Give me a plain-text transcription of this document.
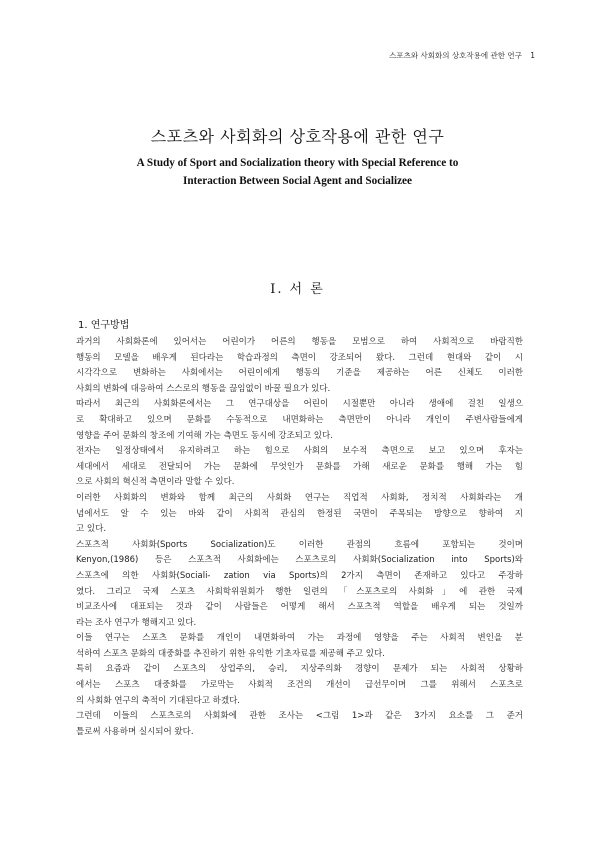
스포츠와 사회화의 상호작용에 관한 연구 1
스포츠와 사회화의 상호작용에 관한 연구
A Study of Sport and Socialization theory with Special Reference to
Interaction Between Social Agent and Socializee
Ⅰ. 서 론
1. 연구방법
과거의 사회화론에 있어서는 어린이가 어른의 행동을 모범으로 하여 사회적으로 바람직한
행동의 모델을 배우게 된다라는 학습과정의 측면이 강조되어 왔다. 그런데 현대와 같이 시
시각각으로 변화하는 사회에서는 어린이에게 행동의 기준을 제공하는 어른 신체도 이러한
사회의 변화에 대응하여 스스로의 행동을 끊임없이 바꿀 필요가 있다.
따라서 최근의 사회화론에서는 그 연구대상을 어린이 시절뿐만 아니라 생애에 걸친 일생으
로 확대하고 있으며 문화를 수동적으로 내면화하는 측면만이 아니라 개인이 주변사람들에게
영향을 주어 문화의 창조에 기여해 가는 측면도 동시에 강조되고 있다.
전자는 일정상태에서 유지하려고 하는 힘으로 사회의 보수적 측면으로 보고 있으며 후자는
세대에서 세대로 전달되어 가는 문화에 무엇인가 문화를 가해 새로운 문화를 행해 가는 힘
으로 사회의 혁신적 측면이라 말할 수 있다.
이러한 사회화의 변화와 함께 최근의 사회화 연구는 직업적 사회화, 정치적 사회화라는 개
념에서도 알 수 있는 바와 같이 사회적 관심의 한정된 국면이 주목되는 방향으로 향하여 지
고 있다.
스포츠적 사회화(Sports Socialization)도 이러한 관점의 흐름에 포함되는 것이며
Kenyon,(1986) 등은 스포츠적 사회화에는 스포츠로의 사회화(Socialization into Sports)와
스포츠에 의한 사회화(Sociali- zation via Sports)의 2가지 측면이 존재하고 있다고 주장하
였다. 그리고 국제 스포츠 사회학위원회가 행한 일련의 「스포츠로의 사회화」에 관한 국제
비교조사에 대표되는 것과 같이 사람들은 어떻게 해서 스포츠적 역할을 배우게 되는 것일까
라는 조사 연구가 행해지고 있다.
이들 연구는 스포츠 문화를 개인이 내면화하여 가는 과정에 영향을 주는 사회적 변인을 분
석하여 스포츠 문화의 대중화를 추진하기 위한 유익한 기초자료를 제공해 주고 있다.
특히 요즘과 같이 스포츠의 상업주의, 승리, 지상주의화 경향이 문제가 되는 사회적 상황하
에서는 스포츠 대중화를 가로막는 사회적 조건의 개선이 급선무이며 그를 위해서 스포츠로
의 사회화 연구의 축적이 기대된다고 하겠다.
그런데 이들의 스포츠로의 사회화에 관한 조사는 <그림 1>과 같은 3가지 요소를 그 준거
틀로써 사용하며 실시되어 왔다.
